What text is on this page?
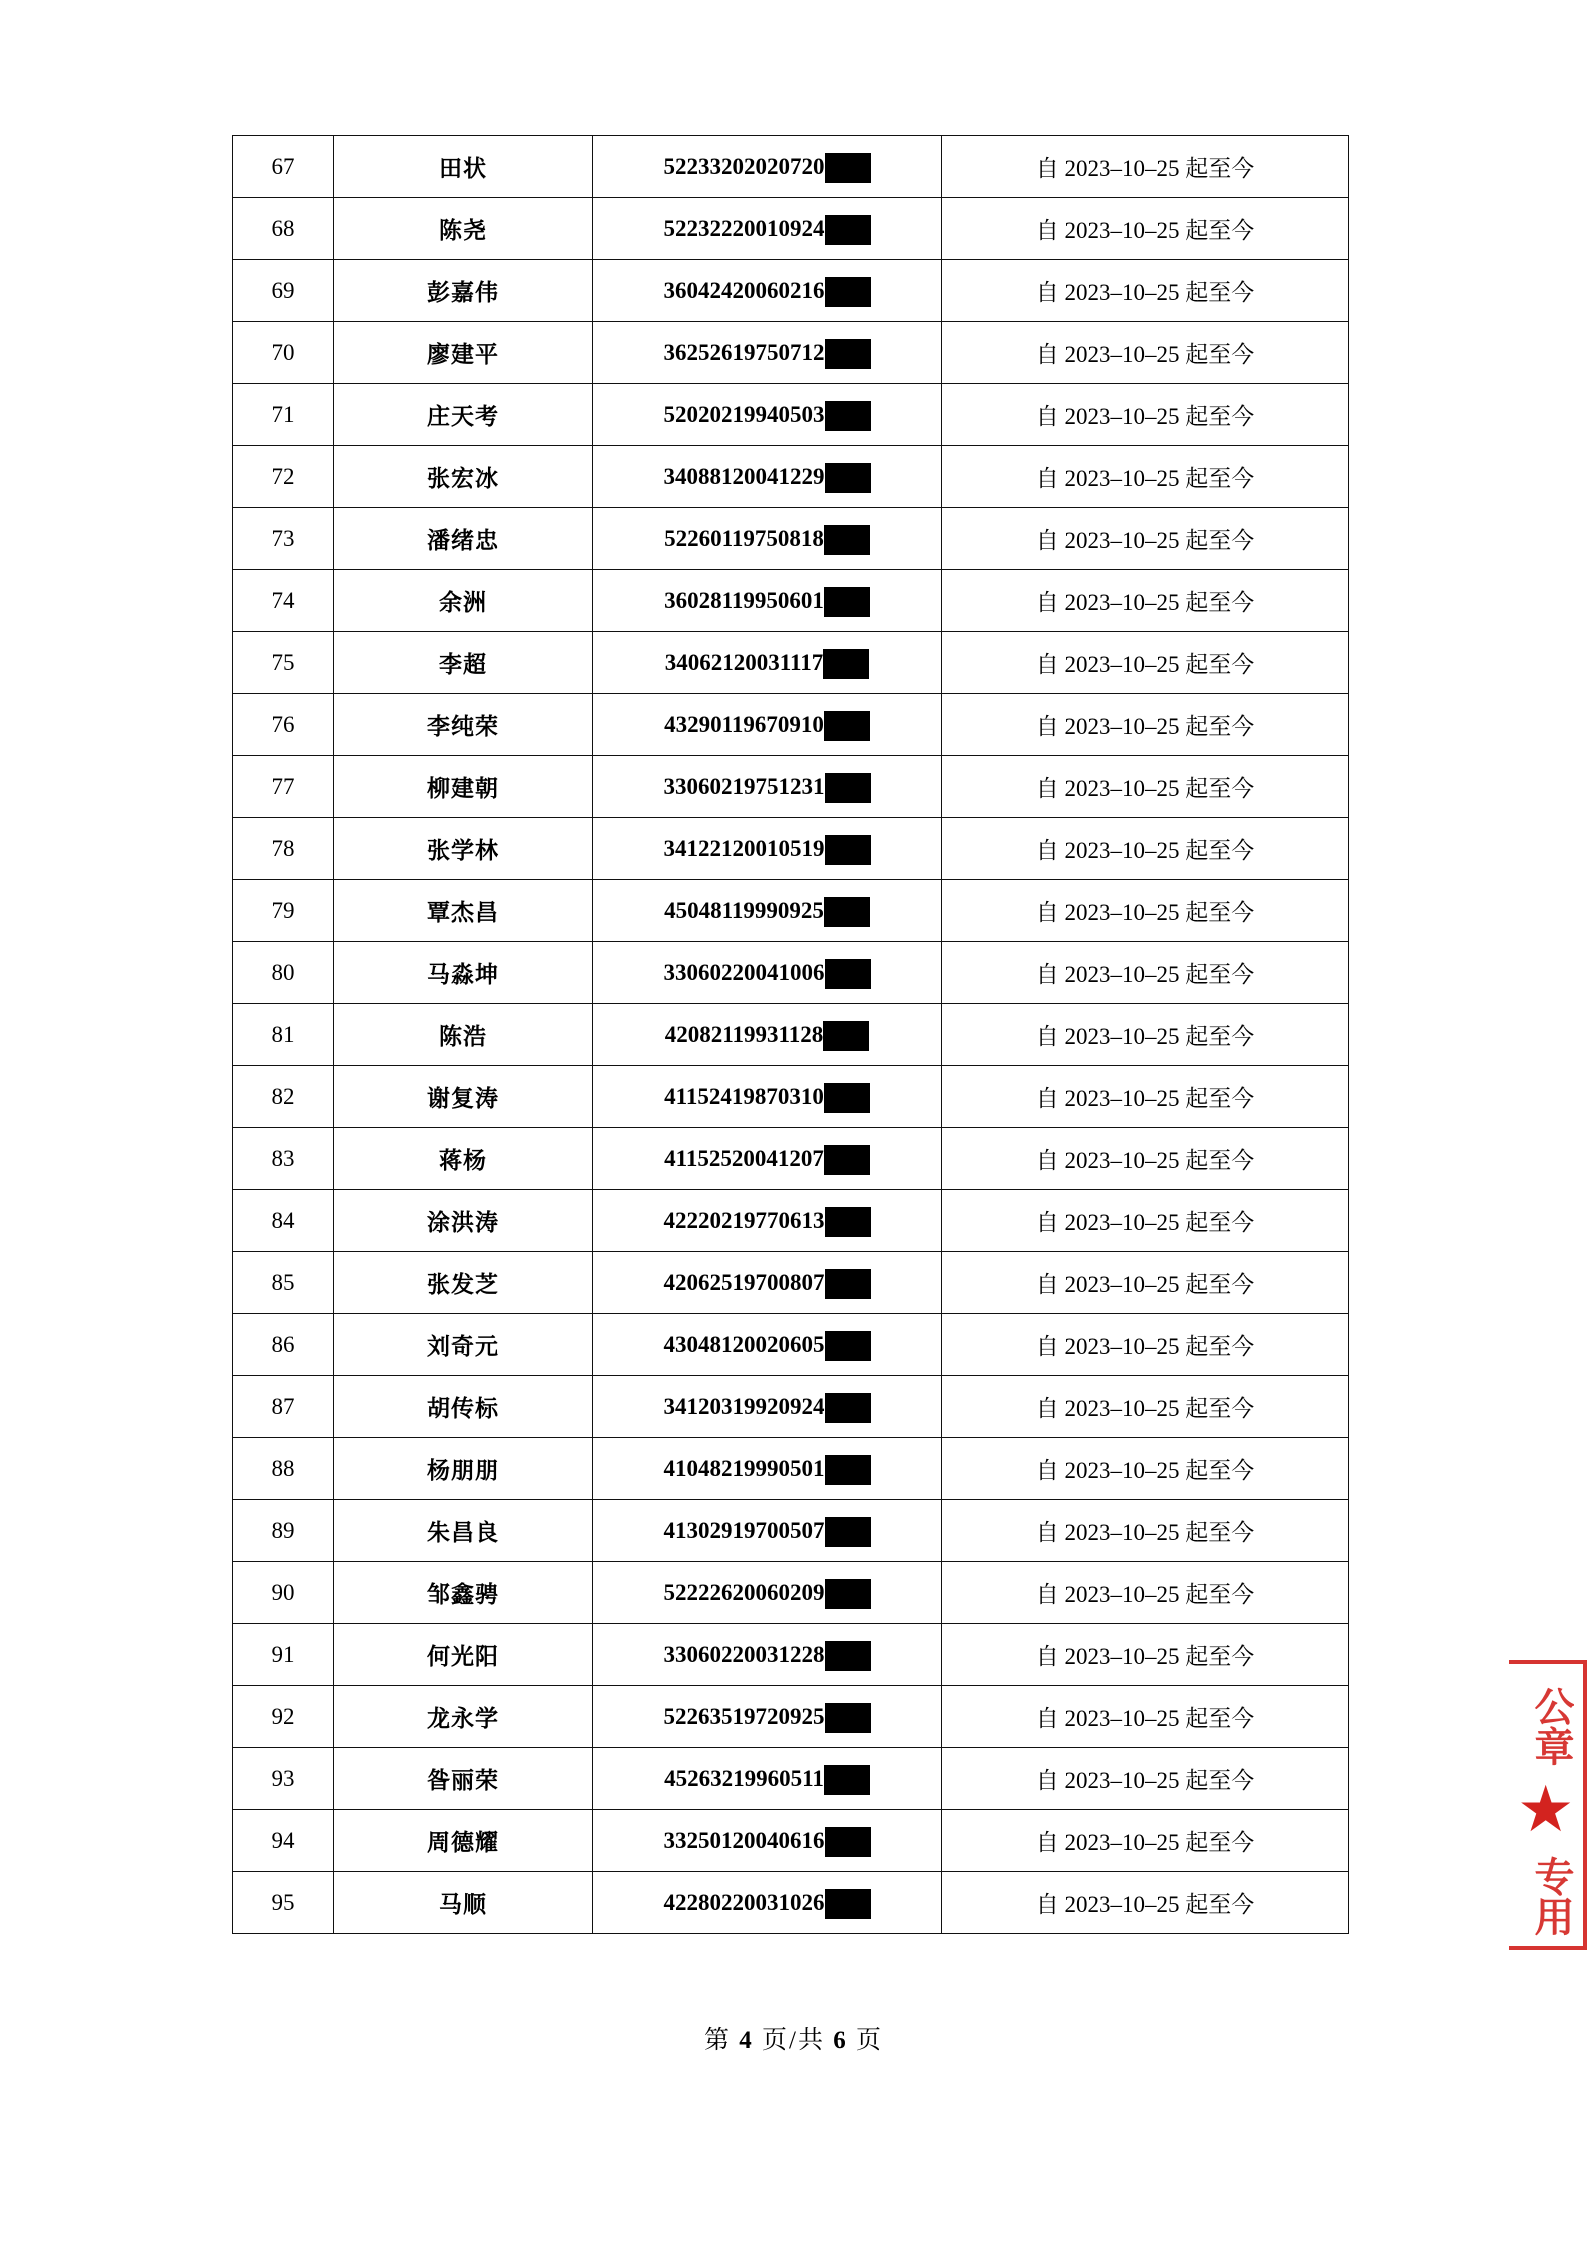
67	田状	52233202020720	自 2023–10–25 起至今
68	陈尧	52232220010924	自 2023–10–25 起至今
69	彭嘉伟	36042420060216	自 2023–10–25 起至今
70	廖建平	36252619750712	自 2023–10–25 起至今
71	庄天考	52020219940503	自 2023–10–25 起至今
72	张宏冰	34088120041229	自 2023–10–25 起至今
73	潘绪忠	52260119750818	自 2023–10–25 起至今
74	余洲	36028119950601	自 2023–10–25 起至今
75	李超	34062120031117	自 2023–10–25 起至今
76	李纯荣	43290119670910	自 2023–10–25 起至今
77	柳建朝	33060219751231	自 2023–10–25 起至今
78	张学林	34122120010519	自 2023–10–25 起至今
79	覃杰昌	45048119990925	自 2023–10–25 起至今
80	马淼坤	33060220041006	自 2023–10–25 起至今
81	陈浩	42082119931128	自 2023–10–25 起至今
82	谢复涛	41152419870310	自 2023–10–25 起至今
83	蒋杨	41152520041207	自 2023–10–25 起至今
84	涂洪涛	42220219770613	自 2023–10–25 起至今
85	张发芝	42062519700807	自 2023–10–25 起至今
86	刘奇元	43048120020605	自 2023–10–25 起至今
87	胡传标	34120319920924	自 2023–10–25 起至今
88	杨朋朋	41048219990501	自 2023–10–25 起至今
89	朱昌良	41302919700507	自 2023–10–25 起至今
90	邹鑫骋	52222620060209	自 2023–10–25 起至今
91	何光阳	33060220031228	自 2023–10–25 起至今
92	龙永学	52263519720925	自 2023–10–25 起至今
93	昝丽荣	45263219960511	自 2023–10–25 起至今
94	周德耀	33250120040616	自 2023–10–25 起至今
95	马顺	42280220031026	自 2023–10–25 起至今
第 4 页/共 6 页
公章
★
专用
